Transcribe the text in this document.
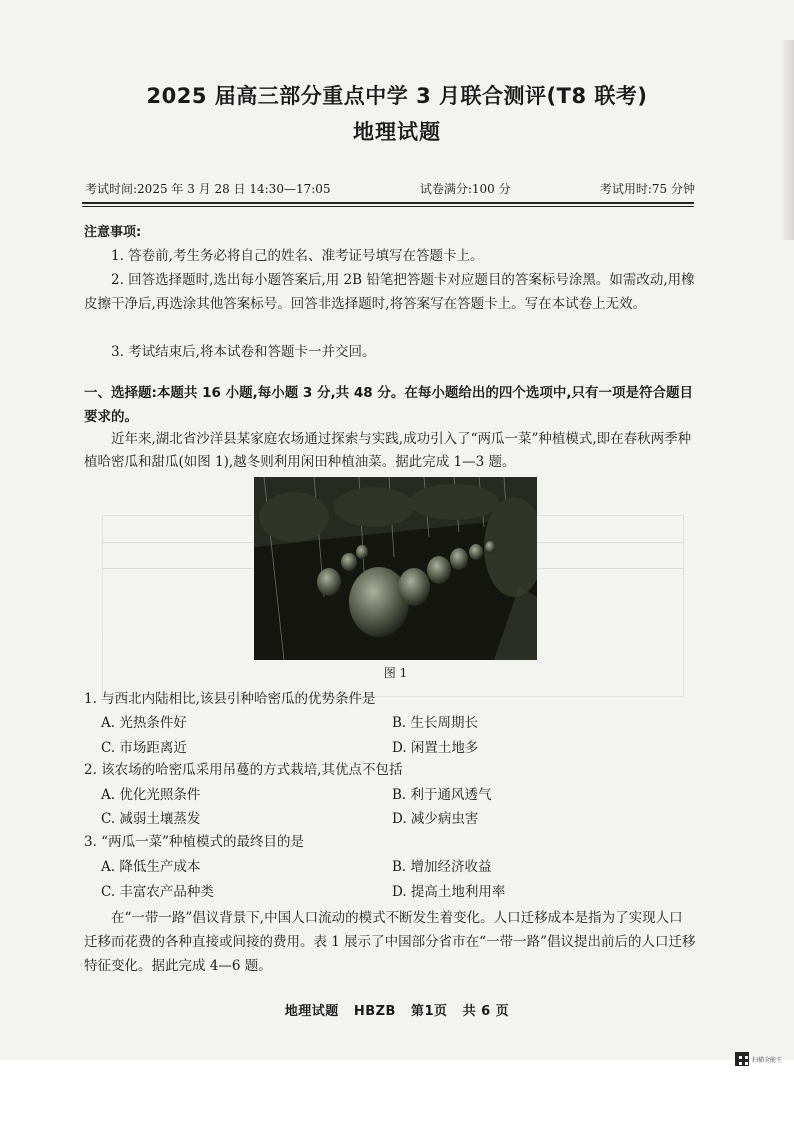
2025 届高三部分重点中学 3 月联合测评(T8 联考)
地理试题
考试时间:2025 年 3 月 28 日 14:30—17:05	试卷满分:100 分	考试用时:75 分钟
注意事项:
1. 答卷前,考生务必将自己的姓名、准考证号填写在答题卡上。
2. 回答选择题时,选出每小题答案后,用 2B 铅笔把答题卡对应题目的答案标号涂黑。如需改动,用橡皮擦干净后,再选涂其他答案标号。回答非选择题时,将答案写在答题卡上。写在本试卷上无效。
3. 考试结束后,将本试卷和答题卡一并交回。
一、选择题:本题共 16 小题,每小题 3 分,共 48 分。在每小题给出的四个选项中,只有一项是符合题目要求的。
近年来,湖北省沙洋县某家庭农场通过探索与实践,成功引入了“两瓜一菜”种植模式,即在春秋两季种植哈密瓜和甜瓜(如图 1),越冬则利用闲田种植油菜。据此完成 1—3 题。
图 1
1. 与西北内陆相比,该县引种哈密瓜的优势条件是
A. 光热条件好	B. 生长周期长
C. 市场距离近	D. 闲置土地多
2. 该农场的哈密瓜采用吊蔓的方式栽培,其优点不包括
A. 优化光照条件	B. 利于通风透气
C. 减弱土壤蒸发	D. 减少病虫害
3. “两瓜一菜”种植模式的最终目的是
A. 降低生产成本	B. 增加经济收益
C. 丰富农产品种类	D. 提高土地利用率
在“一带一路”倡议背景下,中国人口流动的模式不断发生着变化。人口迁移成本是指为了实现人口迁移而花费的各种直接或间接的费用。表 1 展示了中国部分省市在“一带一路”倡议提出前后的人口迁移特征变化。据此完成 4—6 题。
地理试题 HBZB 第1页 共 6 页
扫描全能王
